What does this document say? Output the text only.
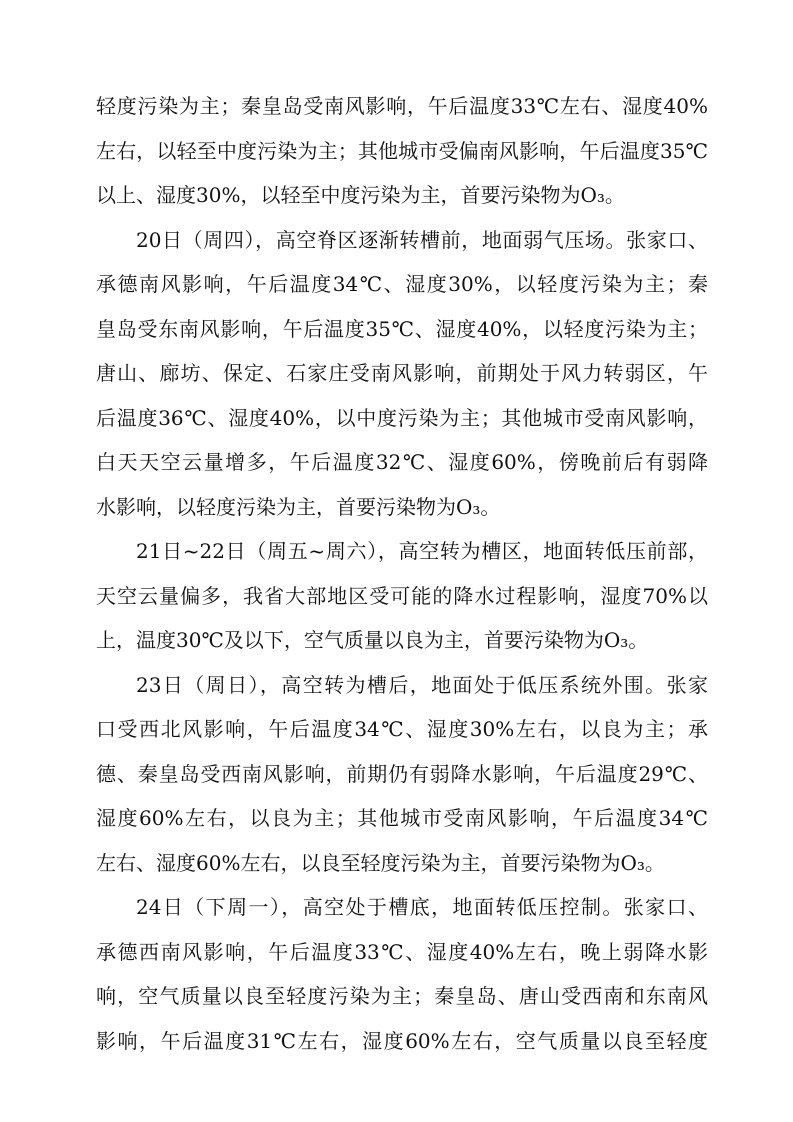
轻度污染为主；秦皇岛受南风影响，午后温度33℃左右、湿度40%
左右，以轻至中度污染为主；其他城市受偏南风影响，午后温度35℃
以上、湿度30%，以轻至中度污染为主，首要污染物为O₃。
20日（周四），高空脊区逐渐转槽前，地面弱气压场。张家口、
承德南风影响，午后温度34℃、湿度30%，以轻度污染为主；秦
皇岛受东南风影响，午后温度35℃、湿度40%，以轻度污染为主；
唐山、廊坊、保定、石家庄受南风影响，前期处于风力转弱区，午
后温度36℃、湿度40%，以中度污染为主；其他城市受南风影响，
白天天空云量增多，午后温度32℃、湿度60%，傍晚前后有弱降
水影响，以轻度污染为主，首要污染物为O₃。
21日~22日（周五~周六），高空转为槽区，地面转低压前部，
天空云量偏多，我省大部地区受可能的降水过程影响，湿度70%以
上，温度30℃及以下，空气质量以良为主，首要污染物为O₃。
23日（周日），高空转为槽后，地面处于低压系统外围。张家
口受西北风影响，午后温度34℃、湿度30%左右，以良为主；承
德、秦皇岛受西南风影响，前期仍有弱降水影响，午后温度29℃、
湿度60%左右，以良为主；其他城市受南风影响，午后温度34℃
左右、湿度60%左右，以良至轻度污染为主，首要污染物为O₃。
24日（下周一），高空处于槽底，地面转低压控制。张家口、
承德西南风影响，午后温度33℃、湿度40%左右，晚上弱降水影
响，空气质量以良至轻度污染为主；秦皇岛、唐山受西南和东南风
影响，午后温度31℃左右，湿度60%左右，空气质量以良至轻度
